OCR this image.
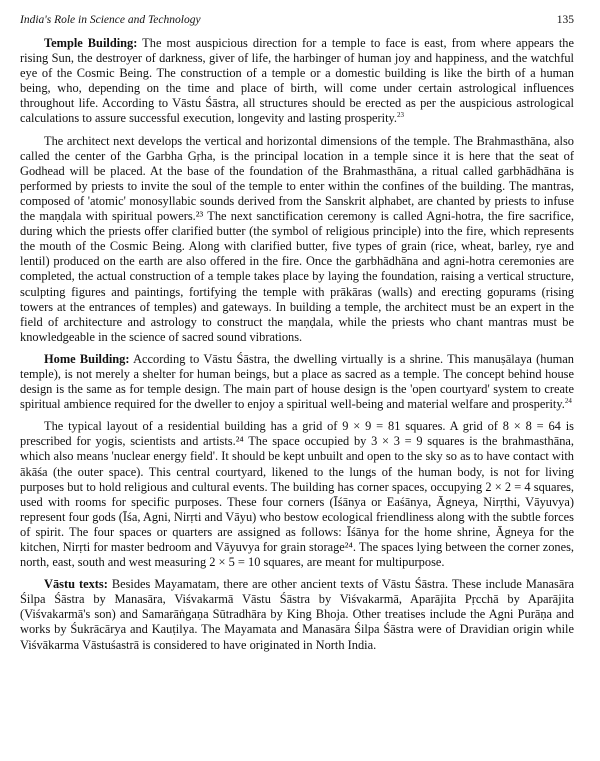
India's Role in Science and Technology	135

Temple Building: The most auspicious direction for a temple to face is east, from where appears the rising Sun, the destroyer of darkness, giver of life, the harbinger of human joy and happiness, and the watchful eye of the Cosmic Being. The construction of a temple or a domestic building is like the birth of a human being, who, depending on the time and place of birth, will come under certain astrological influences throughout life. According to Vāstu Śāstra, all structures should be erected as per the auspicious astrological calculations to assure successful execution, longevity and lasting prosperity.$^{23}$

The architect next develops the vertical and horizontal dimensions of the temple. The Brahmasthāna, also called the center of the Garbha Gṛha, is the principal location in a temple since it is here that the seat of Godhead will be placed. At the base of the foundation of the Brahmasthāna, a ritual called garbhādhāna is performed by priests to invite the soul of the temple to enter within the confines of the building. The mantras, composed of 'atomic' monosyllabic sounds derived from the Sanskrit alphabet, are chanted by priests to infuse the maṇḍala with spiritual powers.²³ The next sanctification ceremony is called Agni-hotra, the fire sacrifice, during which the priests offer clarified butter (the symbol of religious principle) into the fire, which represents the mouth of the Cosmic Being. Along with clarified butter, five types of grain (rice, wheat, barley, rye and lentil) produced on the earth are also offered in the fire. Once the garbhādhāna and agni-hotra ceremonies are completed, the actual construction of a temple takes place by laying the foundation, raising a vertical structure, sculpting figures and paintings, fortifying the temple with prākāras (walls) and erecting gopurams (rising towers at the entrances of temples) and gateways. In building a temple, the architect must be an expert in the field of architecture and astrology to construct the maṇḍala, while the priests who chant mantras must be knowledgeable in the science of sacred sound vibrations.

Home Building: According to Vāstu Śāstra, the dwelling virtually is a shrine. This manuṣālaya (human temple), is not merely a shelter for human beings, but a place as sacred as a temple. The concept behind house design is the same as for temple design. The main part of house design is the 'open courtyard' system to create spiritual ambience required for the dweller to enjoy a spiritual well-being and material welfare and prosperity.$^{24}$

The typical layout of a residential building has a grid of 9 × 9 = 81 squares. A grid of 8 × 8 = 64 is prescribed for yogis, scientists and artists.²⁴ The space occupied by 3 × 3 = 9 squares is the brahmasthāna, which also means 'nuclear energy field'. It should be kept unbuilt and open to the sky so as to have contact with ākāśa (the outer space). This central courtyard, likened to the lungs of the human body, is not for living purposes but to hold religious and cultural events. The building has corner spaces, occupying 2 × 2 = 4 squares, used with rooms for specific purposes. These four corners (Īśānya or Eaśānya, Āgneya, Nirṛthi, Vāyuvya) represent four gods (Īśa, Agni, Nirṛti and Vāyu) who bestow ecological friendliness along with the subtle forces of spirit. The four spaces or quarters are assigned as follows: Īśānya for the home shrine, Āgneya for the kitchen, Nirṛti for master bedroom and Vāyuvya for grain storage²⁴. The spaces lying between the corner zones, north, east, south and west measuring 2 × 5 = 10 squares, are meant for multipurpose.

Vāstu texts: Besides Mayamatam, there are other ancient texts of Vāstu Śāstra. These include Manasāra Śilpa Śāstra by Manasāra, Viśvakarmā Vāstu Śāstra by Viśvakarmā, Aparājita Pṛcchā by Aparājita (Viśvakarmā's son) and Samarāṅgaṇa Sūtradhāra by King Bhoja. Other treatises include the Agni Purāṇa and works by Śukrācārya and Kauṭilya. The Mayamata and Manasāra Śilpa Śāstra were of Dravidian origin while Viśvākarma Vāstuśastrā is considered to have originated in North India.
